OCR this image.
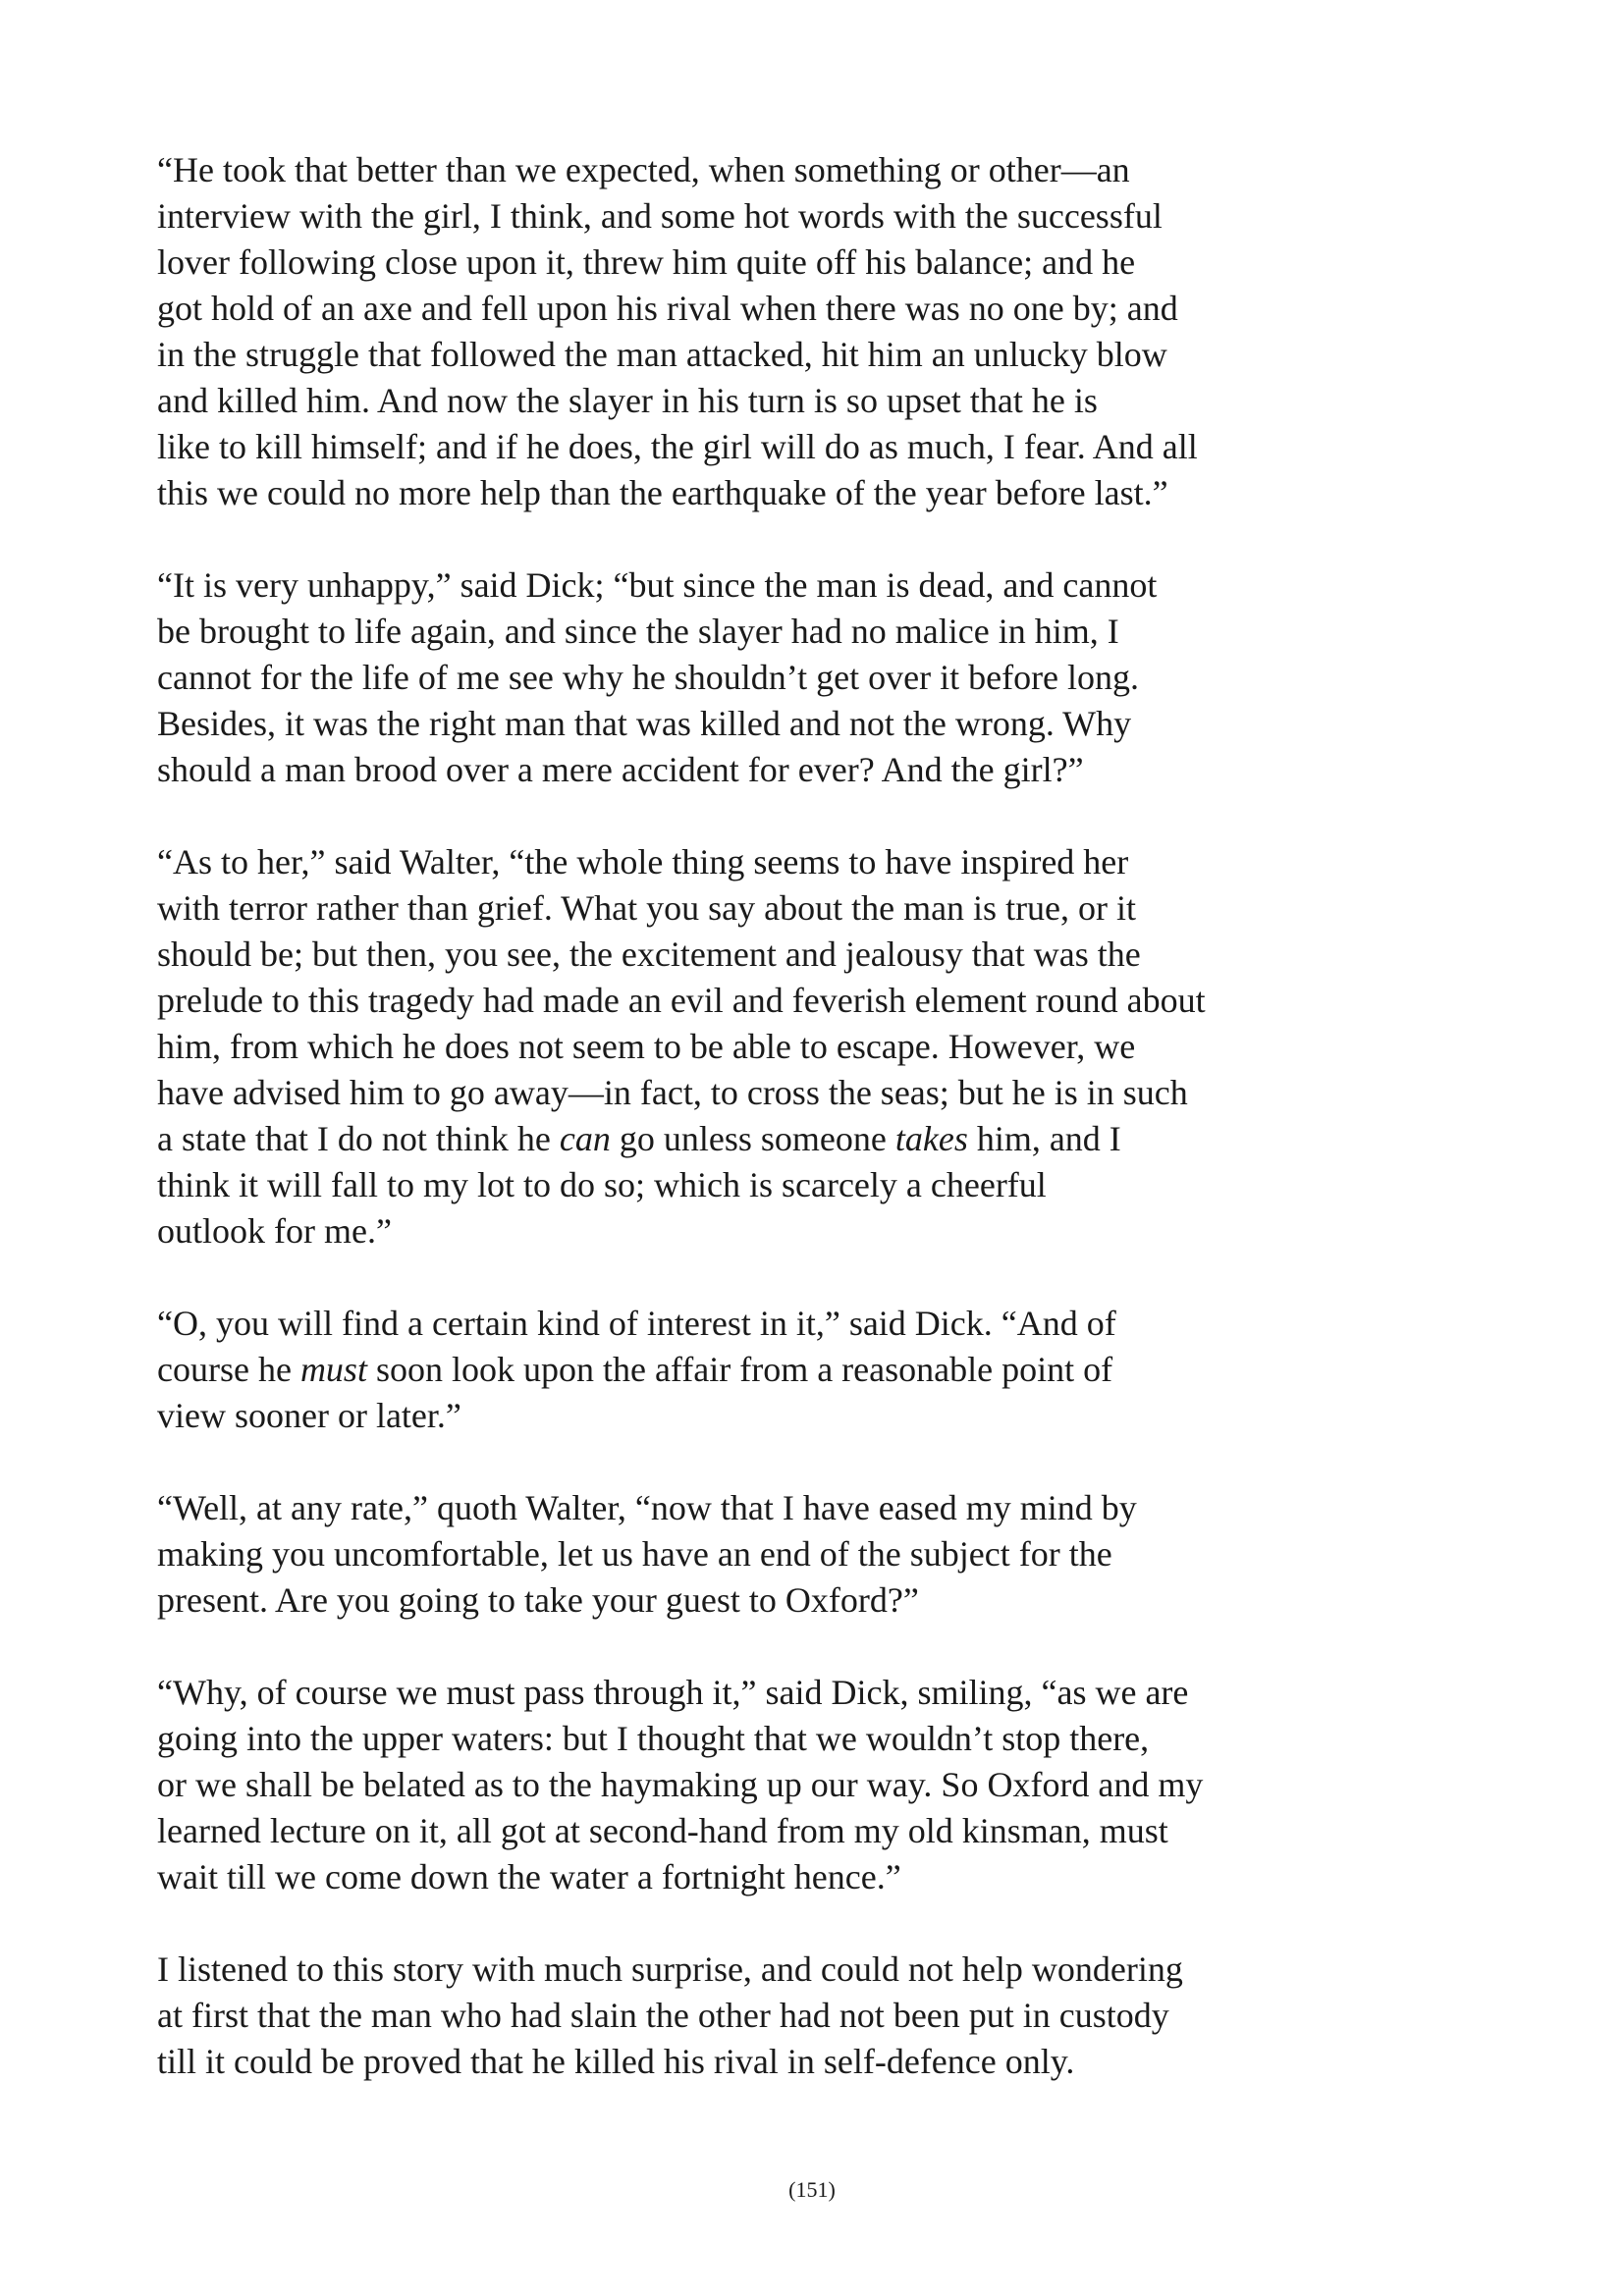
“He took that better than we expected, when something or other—an
interview with the girl, I think, and some hot words with the successful
lover following close upon it, threw him quite off his balance; and he
got hold of an axe and fell upon his rival when there was no one by; and
in the struggle that followed the man attacked, hit him an unlucky blow
and killed him. And now the slayer in his turn is so upset that he is
like to kill himself; and if he does, the girl will do as much, I fear. And all
this we could no more help than the earthquake of the year before last.”
“It is very unhappy,” said Dick; “but since the man is dead, and cannot
be brought to life again, and since the slayer had no malice in him, I
cannot for the life of me see why he shouldn’t get over it before long.
Besides, it was the right man that was killed and not the wrong. Why
should a man brood over a mere accident for ever? And the girl?”
“As to her,” said Walter, “the whole thing seems to have inspired her
with terror rather than grief. What you say about the man is true, or it
should be; but then, you see, the excitement and jealousy that was the
prelude to this tragedy had made an evil and feverish element round about
him, from which he does not seem to be able to escape. However, we
have advised him to go away—in fact, to cross the seas; but he is in such
a state that I do not think he can go unless someone takes him, and I
think it will fall to my lot to do so; which is scarcely a cheerful
outlook for me.”
“O, you will find a certain kind of interest in it,” said Dick. “And of
course he must soon look upon the affair from a reasonable point of
view sooner or later.”
“Well, at any rate,” quoth Walter, “now that I have eased my mind by
making you uncomfortable, let us have an end of the subject for the
present. Are you going to take your guest to Oxford?”
“Why, of course we must pass through it,” said Dick, smiling, “as we are
going into the upper waters: but I thought that we wouldn’t stop there,
or we shall be belated as to the haymaking up our way. So Oxford and my
learned lecture on it, all got at second-hand from my old kinsman, must
wait till we come down the water a fortnight hence.”
I listened to this story with much surprise, and could not help wondering
at first that the man who had slain the other had not been put in custody
till it could be proved that he killed his rival in self-defence only.
(151)
